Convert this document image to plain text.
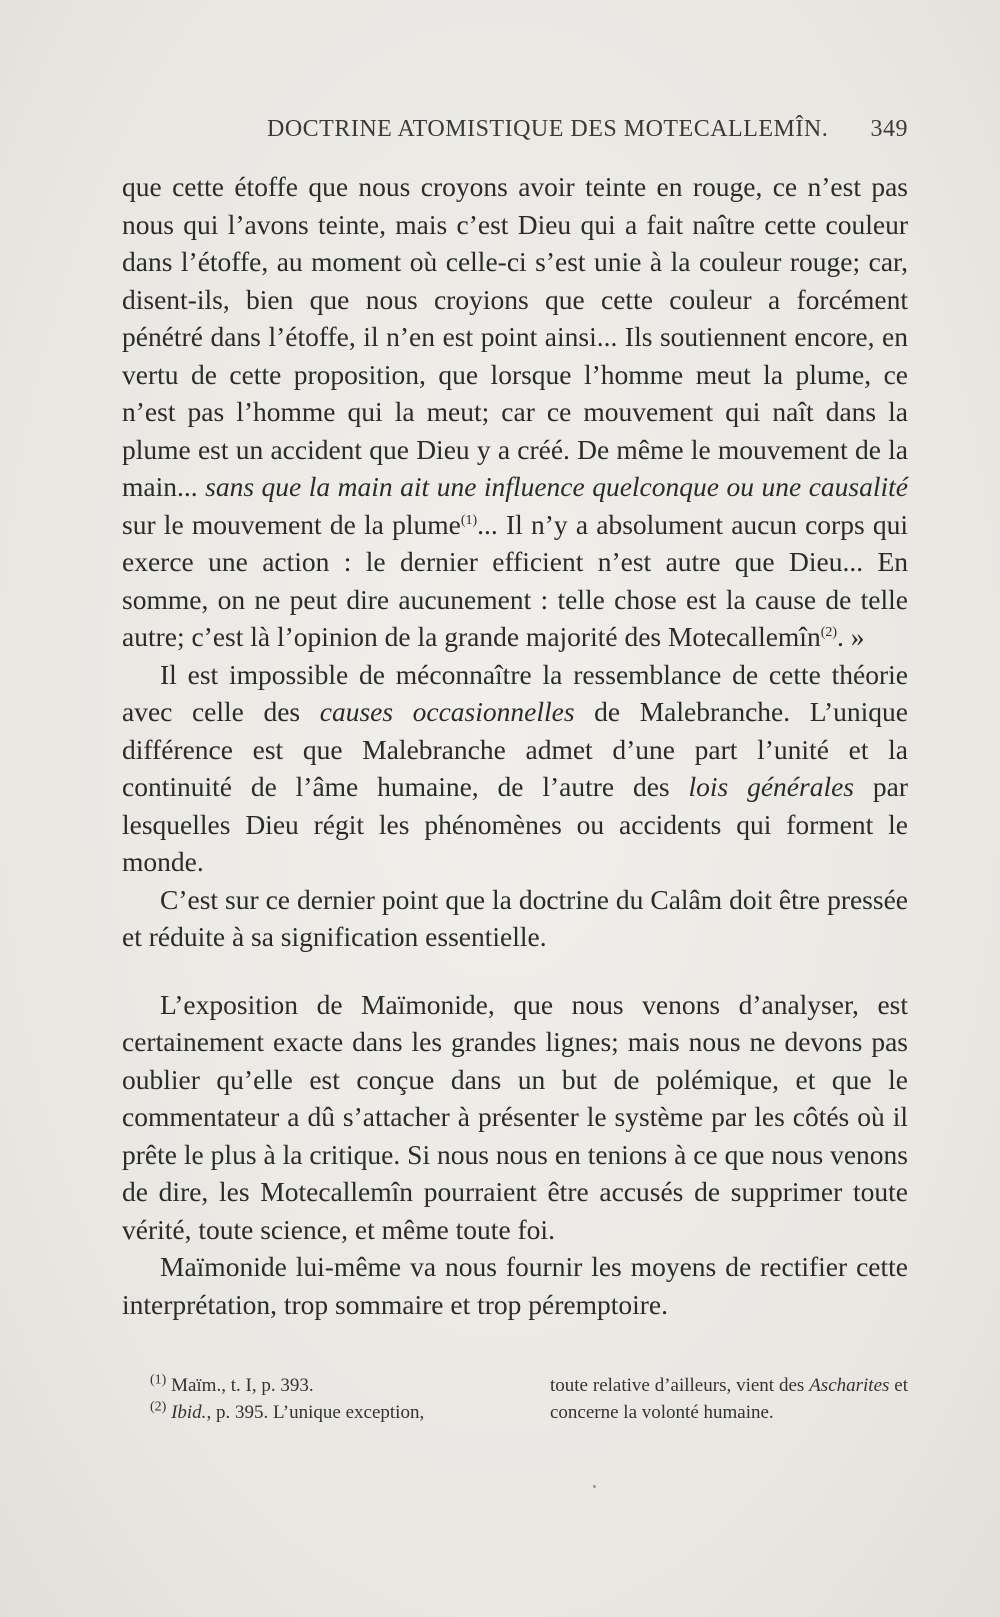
DOCTRINE ATOMISTIQUE DES MOTECALLEMÎN. 349

que cette étoffe que nous croyons avoir teinte en rouge, ce n’est pas nous qui l’avons teinte, mais c’est Dieu qui a fait naître cette couleur dans l’étoffe, au moment où celle-ci s’est unie à la couleur rouge; car, disent-ils, bien que nous croyions que cette couleur a forcément pénétré dans l’étoffe, il n’en est point ainsi... Ils soutiennent encore, en vertu de cette proposition, que lorsque l’homme meut la plume, ce n’est pas l’homme qui la meut; car ce mouvement qui naît dans la plume est un accident que Dieu y a créé. De même le mouvement de la main... sans que la main ait une influence quelconque ou une causalité sur le mouvement de la plume$^{(1)}$... Il n’y a absolument aucun corps qui exerce une action : le dernier efficient n’est autre que Dieu... En somme, on ne peut dire aucunement : telle chose est la cause de telle autre; c’est là l’opinion de la grande majorité des Motecallemîn$^{(2)}$. »

Il est impossible de méconnaître la ressemblance de cette théorie avec celle des causes occasionnelles de Malebranche. L’unique différence est que Malebranche admet d’une part l’unité et la continuité de l’âme humaine, de l’autre des lois générales par lesquelles Dieu régit les phénomènes ou accidents qui forment le monde.

C’est sur ce dernier point que la doctrine du Calâm doit être pressée et réduite à sa signification essentielle.

L’exposition de Maïmonide, que nous venons d’analyser, est certainement exacte dans les grandes lignes; mais nous ne devons pas oublier qu’elle est conçue dans un but de polémique, et que le commentateur a dû s’attacher à présenter le système par les côtés où il prête le plus à la critique. Si nous nous en tenions à ce que nous venons de dire, les Motecallemîn pourraient être accusés de supprimer toute vérité, toute science, et même toute foi.

Maïmonide lui-même va nous fournir les moyens de rectifier cette interprétation, trop sommaire et trop péremptoire.

$^{(1)}$ Maïm., t. I, p. 393.

$^{(2)}$ Ibid., p. 395. L’unique exception,

toute relative d’ailleurs, vient des Ascharites et concerne la volonté humaine.
